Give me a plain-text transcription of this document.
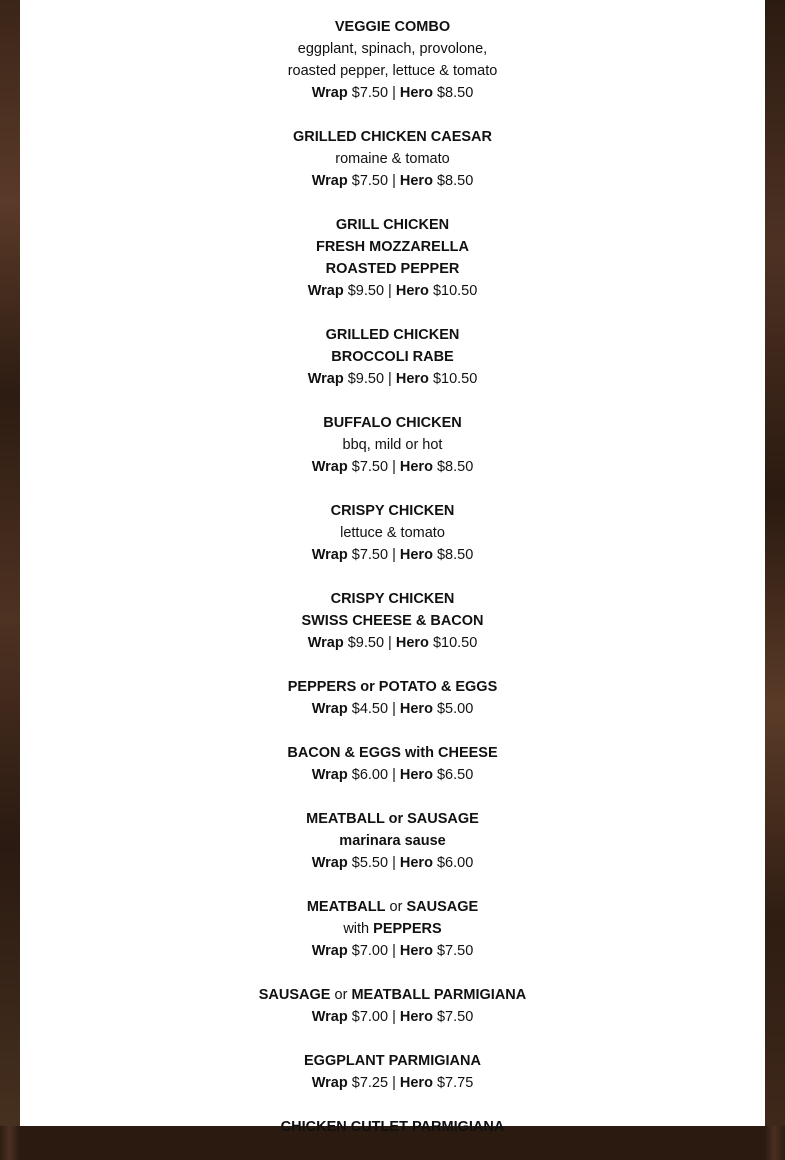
VEGGIE COMBO
eggplant, spinach, provolone,
roasted pepper, lettuce & tomato
Wrap $7.50 | Hero $8.50
GRILLED CHICKEN CAESAR
romaine & tomato
Wrap $7.50 | Hero $8.50
GRILL CHICKEN
FRESH MOZZARELLA
ROASTED PEPPER
Wrap $9.50 | Hero $10.50
GRILLED CHICKEN
BROCCOLI RABE
Wrap $9.50 | Hero $10.50
BUFFALO CHICKEN
bbq, mild or hot
Wrap $7.50 | Hero $8.50
CRISPY CHICKEN
lettuce & tomato
Wrap $7.50 | Hero $8.50
CRISPY CHICKEN
SWISS CHEESE & BACON
Wrap $9.50 | Hero $10.50
PEPPERS or POTATO & EGGS
Wrap $4.50 | Hero $5.00
BACON & EGGS with CHEESE
Wrap $6.00 | Hero $6.50
MEATBALL or SAUSAGE
marinara sause
Wrap $5.50 | Hero $6.00
MEATBALL or SAUSAGE
with PEPPERS
Wrap $7.00 | Hero $7.50
SAUSAGE or MEATBALL PARMIGIANA
Wrap $7.00 | Hero $7.50
EGGPLANT PARMIGIANA
Wrap $7.25 | Hero $7.75
CHICKEN CUTLET PARMIGIANA
